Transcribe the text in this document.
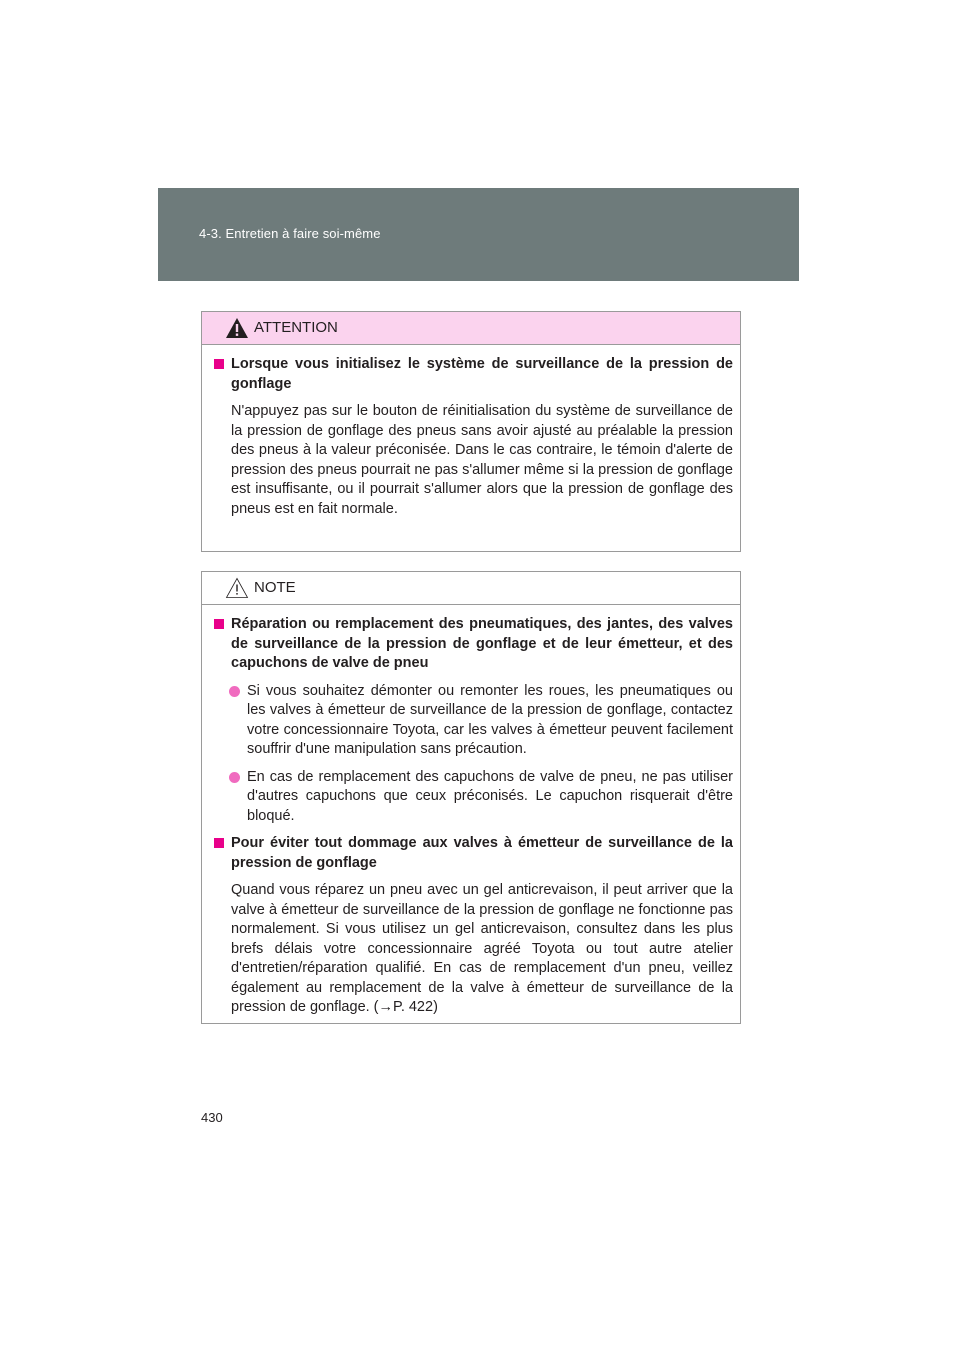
4-3. Entretien à faire soi-même
ATTENTION
Lorsque vous initialisez le système de surveillance de la pression de gonflage
N'appuyez pas sur le bouton de réinitialisation du système de surveillance de la pression de gonflage des pneus sans avoir ajusté au préalable la pression des pneus à la valeur préconisée. Dans le cas contraire, le témoin d'alerte de pression des pneus pourrait ne pas s'allumer même si la pression de gonflage est insuffisante, ou il pourrait s'allumer alors que la pression de gonflage des pneus est en fait normale.
NOTE
Réparation ou remplacement des pneumatiques, des jantes, des valves de surveillance de la pression de gonflage et de leur émetteur, et des capuchons de valve de pneu
Si vous souhaitez démonter ou remonter les roues, les pneumatiques ou les valves à émetteur de surveillance de la pression de gonflage, contactez votre concessionnaire Toyota, car les valves à émetteur peuvent facilement souffrir d'une manipulation sans précaution.
En cas de remplacement des capuchons de valve de pneu, ne pas utiliser d'autres capuchons que ceux préconisés. Le capuchon risquerait d'être bloqué.
Pour éviter tout dommage aux valves à émetteur de surveillance de la pression de gonflage
Quand vous réparez un pneu avec un gel anticrevaison, il peut arriver que la valve à émetteur de surveillance de la pression de gonflage ne fonctionne pas normalement. Si vous utilisez un gel anticrevaison, consultez dans les plus brefs délais votre concessionnaire agréé Toyota ou tout autre atelier d'entretien/réparation qualifié. En cas de remplacement d'un pneu, veillez également au remplacement de la valve à émetteur de surveillance de la pression de gonflage. (→P. 422)
430
